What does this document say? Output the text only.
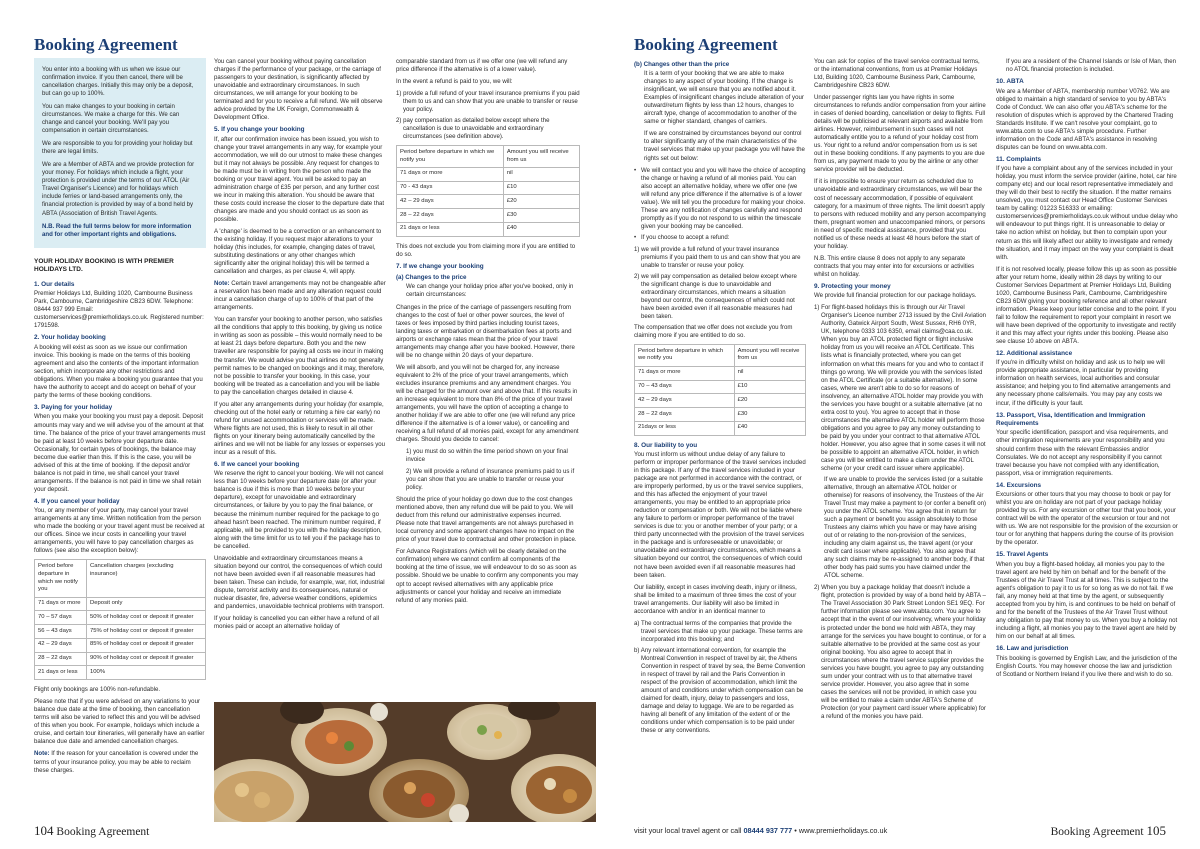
Booking Agreement

You enter into a booking with us when we issue our confirmation invoice. If you then cancel, there will be cancellation charges. Initially this may only be a deposit, but can go up to 100%.

You can make changes to your booking in certain circumstances. We make a charge for this. We can change and cancel your booking. We'll pay you compensation in certain circumstances.

We are responsible to you for providing your holiday but there are legal limits.

We are a Member of ABTA and we provide protection for your money. For holidays which include a flight, your protection is provided under the terms of our ATOL (Air Travel Organiser's Licence) and for holidays which include ferries or land-based arrangements only, the financial protection is provided by way of a bond held by ABTA (Association of British Travel Agents.

N.B. Read the full terms below for more information and for other important rights and obligations.

YOUR HOLIDAY BOOKING IS WITH PREMIER HOLIDAYS LTD.
1. Our details

Premier Holidays Ltd, Building 1020, Cambourne Business Park, Cambourne, Cambridgeshire CB23 6DW. Telephone: 08444 937 999 Email: customerservices@premierholidays.co.uk. Registered number: 1791598.

2. Your holiday booking

A booking will exist as soon as we issue our confirmation invoice. This booking is made on the terms of this booking agreement and also the contents of the important information section, which incorporate any other restrictions and obligations. When you make a booking you guarantee that you have the authority to accept and do accept on behalf of your party the terms of these booking conditions.

3. Paying for your holiday

When you make your booking you must pay a deposit. Deposit amounts may vary and we will advise you of the amount at that time. The balance of the price of your travel arrangements must be paid at least 10 weeks before your departure date. Occasionally, for certain types of bookings, the balance may become due earlier than this. If this is the case, you will be advised of this at the time of booking. If the deposit and/or balance is not paid in time, we shall cancel your travel arrangements. If the balance is not paid in time we shall retain your deposit.

4. If you cancel your holiday

You, or any member of your party, may cancel your travel arrangements at any time. Written notification from the person who made the booking or your travel agent must be received at our offices. Since we incur costs in cancelling your travel arrangements, you will have to pay cancellation charges as follows (see also the exception below):

Period before departure in which we notify you	Cancellation charges (excluding insurance)
71 days or more	Deposit only
70 – 57 days	50% of holiday cost or deposit if greater
56 – 43 days	75% of holiday cost or deposit if greater
42 – 29 days	85% of holiday cost or deposit if greater
28 – 22 days	90% of holiday cost or deposit if greater
21 days or less	100%

Flight only bookings are 100% non-refundable.

Please note that if you were advised on any variations to your balance due date at the time of booking, then cancellation terms will also be varied to reflect this and you will be advised of this when you book. For example, holidays which include a cruise, and certain tour itineraries, will generally have an earlier balance due date and amended cancellation charges.

Note: If the reason for your cancellation is covered under the terms of your insurance policy, you may be able to reclaim these charges.

You can cancel your booking without paying cancellation charges if the performance of your package, or the carriage of passengers to your destination, is significantly affected by unavoidable and extraordinary circumstances. In such circumstances, we will arrange for your booking to be terminated and for you to receive a full refund. We will observe advice provided by the UK Foreign, Commonwealth & Development Office.

5. If you change your booking

If, after our confirmation invoice has been issued, you wish to change your travel arrangements in any way, for example your accommodation, we will do our utmost to make these changes but it may not always be possible. Any request for changes to be made must be in writing from the person who made the booking or your travel agent. You will be asked to pay an administration charge of £35 per person, and any further cost we incur in making this alteration. You should be aware that these costs could increase the closer to the departure date that changes are made and you should contact us as soon as possible.

A 'change' is deemed to be a correction or an enhancement to the existing holiday. If you request major alterations to your holiday (this includes, for example, changing dates of travel, substituting destinations or any other changes which significantly alter the original holiday) this will be termed a cancellation and charges, as per clause 4, will apply.

Note: Certain travel arrangements may not be changeable after a reservation has been made and any alteration request could incur a cancellation charge of up to 100% of that part of the arrangements.

You can transfer your booking to another person, who satisfies all the conditions that apply to this booking, by giving us notice in writing as soon as possible – this would normally need to be at least 21 days before departure. Both you and the new traveller are responsible for paying all costs we incur in making the transfer. We would advise you that airlines do not generally permit names to be changed on bookings and it may, therefore, not be possible to transfer your booking. In this case, your booking will be treated as a cancellation and you will be liable to pay the cancellation charges detailed in clause 4.

If you alter any arrangements during your holiday (for example, checking out of the hotel early or returning a hire car early) no refund for unused accommodation or services will be made. Where flights are not used, this is likely to result in all other flights on your itinerary being automatically cancelled by the airlines and we will not be liable for any losses or expenses you incur as a result of this.

6. If we cancel your booking

We reserve the right to cancel your booking. We will not cancel less than 10 weeks before your departure date (or after your balance is due if this is more than 10 weeks before your departure), except for unavoidable and extraordinary circumstances, or failure by you to pay the final balance, or because the minimum number required for the package to go ahead hasn't been reached. The minimum number required, if applicable, will be provided to you with the holiday description, along with the time limit for us to tell you if the package has to be cancelled.

Unavoidable and extraordinary circumstances means a situation beyond our control, the consequences of which could not have been avoided even if all reasonable measures had been taken. These can include, for example, war, riot, industrial dispute, terrorist activity and its consequences, natural or nuclear disaster, fire, adverse weather conditions, epidemics and pandemics, unavoidable technical problems with transport.

If your holiday is cancelled you can either have a refund of all monies paid or accept an alternative holiday of

comparable standard from us if we offer one (we will refund any price difference if the alternative is of a lower value).

In the event a refund is paid to you, we will:

1) provide a full refund of your travel insurance premiums if you paid them to us and can show that you are unable to transfer or reuse your policy.

2) pay compensation as detailed below except where the cancellation is due to unavoidable and extraordinary circumstances (see definition above).

Period before departure in which we notify you	Amount you will receive from us
71 days or more	nil
70 - 43 days	£10
42 – 29 days	£20
28 – 22 days	£30
21 days or less	£40

This does not exclude you from claiming more if you are entitled to do so.

7. If we change your booking
(a) Changes to the price

We can change your holiday price after you've booked, only in certain circumstances:

Changes in the price of the carriage of passengers resulting from changes to the cost of fuel or other power sources, the level of taxes or fees imposed by third parties including tourist taxes, landing taxes or embarkation or disembarkation fees at ports and airports or exchange rates mean that the price of your travel arrangements may change after you have booked. However, there will be no change within 20 days of your departure.

We will absorb, and you will not be charged for, any increase equivalent to 2% of the price of your travel arrangements, which excludes insurance premiums and any amendment charges. You will be charged for the amount over and above that. If this results in an increase equivalent to more than 8% of the price of your travel arrangements, you will have the option of accepting a change to another holiday if we are able to offer one (we will refund any price difference if the alternative is of a lower value), or cancelling and receiving a full refund of all monies paid, except for any amendment charges. Should you decide to cancel:

1) you must do so within the time period shown on your final invoice

2) We will provide a refund of insurance premiums paid to us if you can show that you are unable to transfer or reuse your policy.

Should the price of your holiday go down due to the cost changes mentioned above, then any refund due will be paid to you. We will deduct from this refund our administrative expenses incurred. Please note that travel arrangements are not always purchased in local currency and some apparent changes have no impact on the price of your travel due to contractual and other protection in place.

For Advance Registrations (which will be clearly detailed on the confirmation) where we cannot confirm all components of the booking at the time of issue, we will endeavour to do so as soon as possible. Should we be unable to confirm any components you may opt to accept revised alternatives with any applicable price adjustments or cancel your holiday and receive an immediate refund of any monies paid.

104 Booking Agreement
Booking Agreement
(b) Changes other than the price

It is a term of your booking that we are able to make changes to any aspect of your booking. If the change is insignificant, we will ensure that you are notified about it. Examples of insignificant changes include alteration of your outward/return flights by less than 12 hours, changes to aircraft type, change of accommodation to another of the same or higher standard, changes of carriers.

If we are constrained by circumstances beyond our control to alter significantly any of the main characteristics of the travel services that make up your package you will have the rights set out below:

• We will contact you and you will have the choice of accepting the change or having a refund of all monies paid. You can also accept an alternative holiday, where we offer one (we will refund any price difference if the alternative is of a lower value). We will tell you the procedure for making your choice. These are any notification of changes carefully and respond promptly as if you do not respond to us within the timescale given your booking may be cancelled.
• If you choose to accept a refund:

1) we will provide a full refund of your travel insurance premiums if you paid them to us and can show that you are unable to transfer or reuse your policy.

2) we will pay compensation as detailed below except where the significant change is due to unavoidable and extraordinary circumstances, which means a situation beyond our control, the consequences of which could not have been avoided even if all reasonable measures had been taken.

The compensation that we offer does not exclude you from claiming more if you are entitled to do so.

Period before departure in which we notify you	Amount you will receive from us
71 days or more	nil
70 – 43 days	£10
42 – 29 days	£20
28 – 22 days	£30
21days or less	£40
8. Our liability to you

You must inform us without undue delay of any failure to perform or improper performance of the travel services included in this package. If any of the travel services included in your package are not performed in accordance with the contract, or are improperly performed, by us or the travel service suppliers, and this has affected the enjoyment of your travel arrangements, you may be entitled to an appropriate price reduction or compensation or both. We will not be liable where any failure to perform or improper performance of the travel services is due to: you or another member of your party; or a third party unconnected with the provision of the travel services in the package and is unforeseeable or unavoidable; or unavoidable and extraordinary circumstances, which means a situation beyond our control, the consequences of which could not have been avoided even if all reasonable measures had been taken.

Our liability, except in cases involving death, injury or illness, shall be limited to a maximum of three times the cost of your travel arrangements. Our liability will also be limited in accordance with and/or in an identical manner to

a) The contractual terms of the companies that provide the travel services that make up your package. These terms are incorporated into this booking; and

b) Any relevant international convention, for example the Montreal Convention in respect of travel by air, the Athens Convention in respect of travel by sea, the Berne Convention in respect of travel by rail and the Paris Convention in respect of the provision of accommodation, which limit the amount of and conditions under which compensation can be claimed for death, injury, delay to passengers and loss, damage and delay to luggage. We are to be regarded as having all benefit of any limitation of the extent of or the conditions under which compensation is to be paid under these or any conventions.

You can ask for copies of the travel service contractual terms, or the international conventions, from us at Premier Holidays Ltd, Building 1020, Cambourne Business Park, Cambourne, Cambridgeshire CB23 6DW.

Under passenger rights law you have rights in some circumstances to refunds and/or compensation from your airline in cases of denied boarding, cancellation or delay to flights. Full details will be publicised at relevant airports and available from airlines. However, reimbursement in such cases will not automatically entitle you to a refund of your holiday cost from us. Your right to a refund and/or compensation from us is set out in these booking conditions. If any payments to you are due from us, any payment made to you by the airline or any other service provider will be deducted.

If it is impossible to ensure your return as scheduled due to unavoidable and extraordinary circumstances, we will bear the cost of necessary accommodation, if possible of equivalent category, for a maximum of three nights. The limit doesn't apply to persons with reduced mobility and any person accompanying them, pregnant women and unaccompanied minors, or persons in need of specific medical assistance, provided that you notified us of these needs at least 48 hours before the start of your holiday.

N.B. This entire clause 8 does not apply to any separate contracts that you may enter into for excursions or activities whilst on holiday.

9. Protecting your money

We provide full financial protection for our package holidays.

1) For flight-based holidays this is through our Air Travel Organiser's Licence number 2713 issued by the Civil Aviation Authority, Gatwick Airport South, West Sussex, RH6 0YR, UK, telephone 0333 103 6350, email claims@caa.co.uk. When you buy an ATOL protected flight or flight inclusive holiday from us you will receive an ATOL Certificate. This lists what is financially protected, where you can get information on what this means for you and who to contact if things go wrong. We will provide you with the services listed on the ATOL Certificate (or a suitable alternative). In some cases, where we aren't able to do so for reasons of insolvency, an alternative ATOL holder may provide you with the services you have bought or a suitable alternative (at no extra cost to you). You agree to accept that in those circumstances the alternative ATOL holder will perform those obligations and you agree to pay any money outstanding to be paid by you under your contract to that alternative ATOL holder. However, you also agree that in some cases it will not be possible to appoint an alternative ATOL holder, in which case you will be entitled to make a claim under the ATOL scheme (or your credit card issuer where applicable).

If we are unable to provide the services listed (or a suitable alternative, through an alternative ATOL holder or otherwise) for reasons of insolvency, the Trustees of the Air Travel Trust may make a payment to (or confer a benefit on) you under the ATOL scheme. You agree that in return for such a payment or benefit you assign absolutely to those Trustees any claims which you have or may have arising out of or relating to the non-provision of the services, including any claim against us, the travel agent (or your credit card issuer where applicable). You also agree that any such claims may be re-assigned to another body, if that other body has paid sums you have claimed under the ATOL scheme.

2) When you buy a package holiday that doesn't include a flight, protection is provided by way of a bond held by ABTA – The Travel Association 30 Park Street London SE1 9EQ. For further information please see www.abta.com. You agree to accept that in the event of our insolvency, where your holiday is protected under the bond we hold with ABTA, they may arrange for the services you have bought to continue, or for a suitable alternative to be provided at the same cost as your original booking. You also agree to accept that in circumstances where the travel service supplier provides the services you have bought, you agree to pay any outstanding sum under your contract with us to that alternative travel service provider. However, you also agree that in some cases the services will not be provided, in which case you will be entitled to make a claim under ABTA's Scheme of Protection (or your payment card issuer where applicable) for a refund of the monies you have paid.

If you are a resident of the Channel Islands or Isle of Man, then no ATOL financial protection is included.

10. ABTA

We are a Member of ABTA, membership number V0762. We are obliged to maintain a high standard of service to you by ABTA's Code of Conduct. We can also offer you ABTA's scheme for the resolution of disputes which is approved by the Chartered Trading Standards Institute. If we can't resolve your complaint, go to www.abta.com to use ABTA's simple procedure. Further information on the Code and ABTA's assistance in resolving disputes can be found on www.abta.com.

11. Complaints

If you have a complaint about any of the services included in your holiday, you must inform the service provider (airline, hotel, car hire company etc) and our local resort representative immediately and they will do their best to rectify the situation. If the matter remains unsolved, you must contact our Head Office Customer Services team by calling: 01223 516333 or emailing: customerservices@premierholidays.co.uk without undue delay who will endeavour to put things right. It is unreasonable to delay or take no action whilst on holiday, but then to complain upon your return as this will likely affect our ability to investigate and remedy the situation, and it may impact on the way your complaint is dealt with.

If it is not resolved locally, please follow this up as soon as possible after your return home, ideally within 28 days by writing to our Customer Services Department at Premier Holidays Ltd, Building 1020, Cambourne Business Park, Cambourne, Cambridgeshire CB23 6DW giving your booking reference and all other relevant information. Please keep your letter concise and to the point. If you fail to follow the requirement to report your complaint in resort we will have been deprived of the opportunity to investigate and rectify it and this may affect your rights under this booking. Please also see clause 10 above on ABTA.

12. Additional assistance

If you're in difficulty whilst on holiday and ask us to help we will provide appropriate assistance, in particular by providing information on health services, local authorities and consular assistance; and helping you to find alternative arrangements and any necessary phone calls/emails. You may pay any costs we incur, if the difficulty is your fault.

13. Passport, Visa, Identification and Immigration Requirements

Your specific identification, passport and visa requirements, and other immigration requirements are your responsibility and you should confirm these with the relevant Embassies and/or Consulates. We do not accept any responsibility if you cannot travel because you have not complied with any identification, passport, visa or immigration requirements.

14. Excursions

Excursions or other tours that you may choose to book or pay for whilst you are on holiday are not part of your package holiday provided by us. For any excursion or other tour that you book, your contract will be with the operator of the excursion or tour and not with us. We are not responsible for the provision of the excursion or tour or for anything that happens during the course of its provision by the operator.

15. Travel Agents

When you buy a flight-based holiday, all monies you pay to the travel agent are held by him on behalf and for the benefit of the Trustees of the Air Travel Trust at all times. This is subject to the agent's obligation to pay it to us for so long as we do not fail. If we fail, any money held at that time by the agent, or subsequently accepted from you by him, is and continues to be held on behalf of and for the benefit of the Trustees of the Air Travel Trust without any obligation to pay that money to us. When you buy a holiday not including a flight, all monies you pay to the travel agent are held by him on our behalf at all times.

16. Law and jurisdiction

This booking is governed by English Law, and the jurisdiction of the English Courts. You may however choose the law and jurisdiction of Scotland or Northern Ireland if you live there and wish to do so.

visit your local travel agent or call 08444 937 777 • www.premierholidays.co.uk	Booking Agreement 105
